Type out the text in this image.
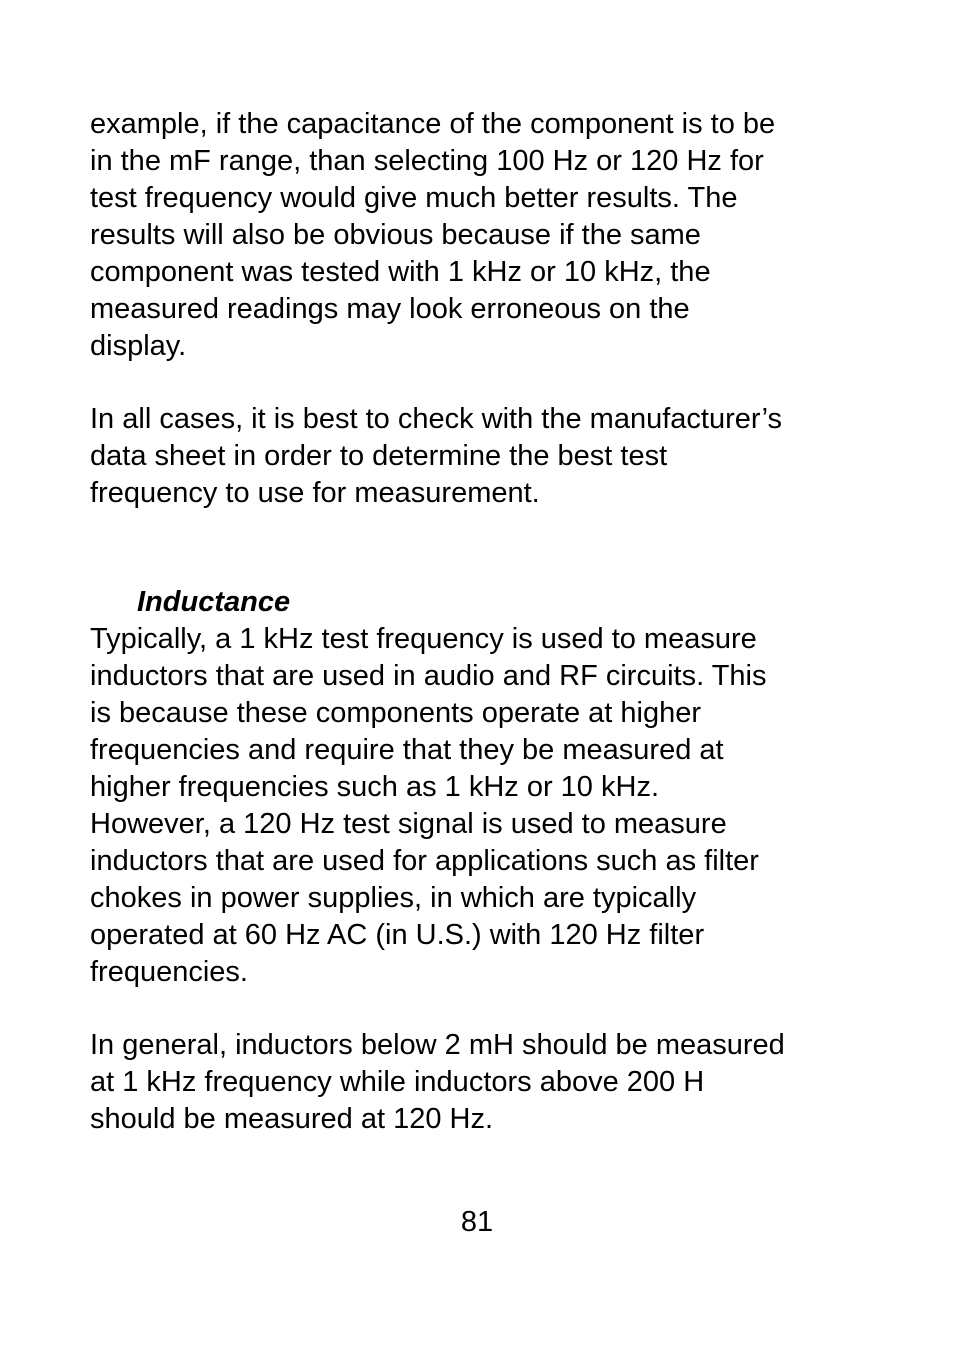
example, if the capacitance of the component is to be
in the mF range, than selecting 100 Hz or 120 Hz for
test frequency would give much better results. The
results will also be obvious because if the same
component was tested with 1 kHz or 10 kHz, the
measured readings may look erroneous on the
display.
In all cases, it is best to check with the manufacturer’s
data sheet in order to determine the best test
frequency to use for measurement.
Inductance
Typically, a 1 kHz test frequency is used to measure
inductors that are used in audio and RF circuits. This
is because these components operate at higher
frequencies and require that they be measured at
higher frequencies such as 1 kHz or 10 kHz.
However, a 120 Hz test signal is used to measure
inductors that are used for applications such as filter
chokes in power supplies, in which are typically
operated at 60 Hz AC (in U.S.) with 120 Hz filter
frequencies.
In general, inductors below 2 mH should be measured
at 1 kHz frequency while inductors above 200 H
should be measured at 120 Hz.
81
